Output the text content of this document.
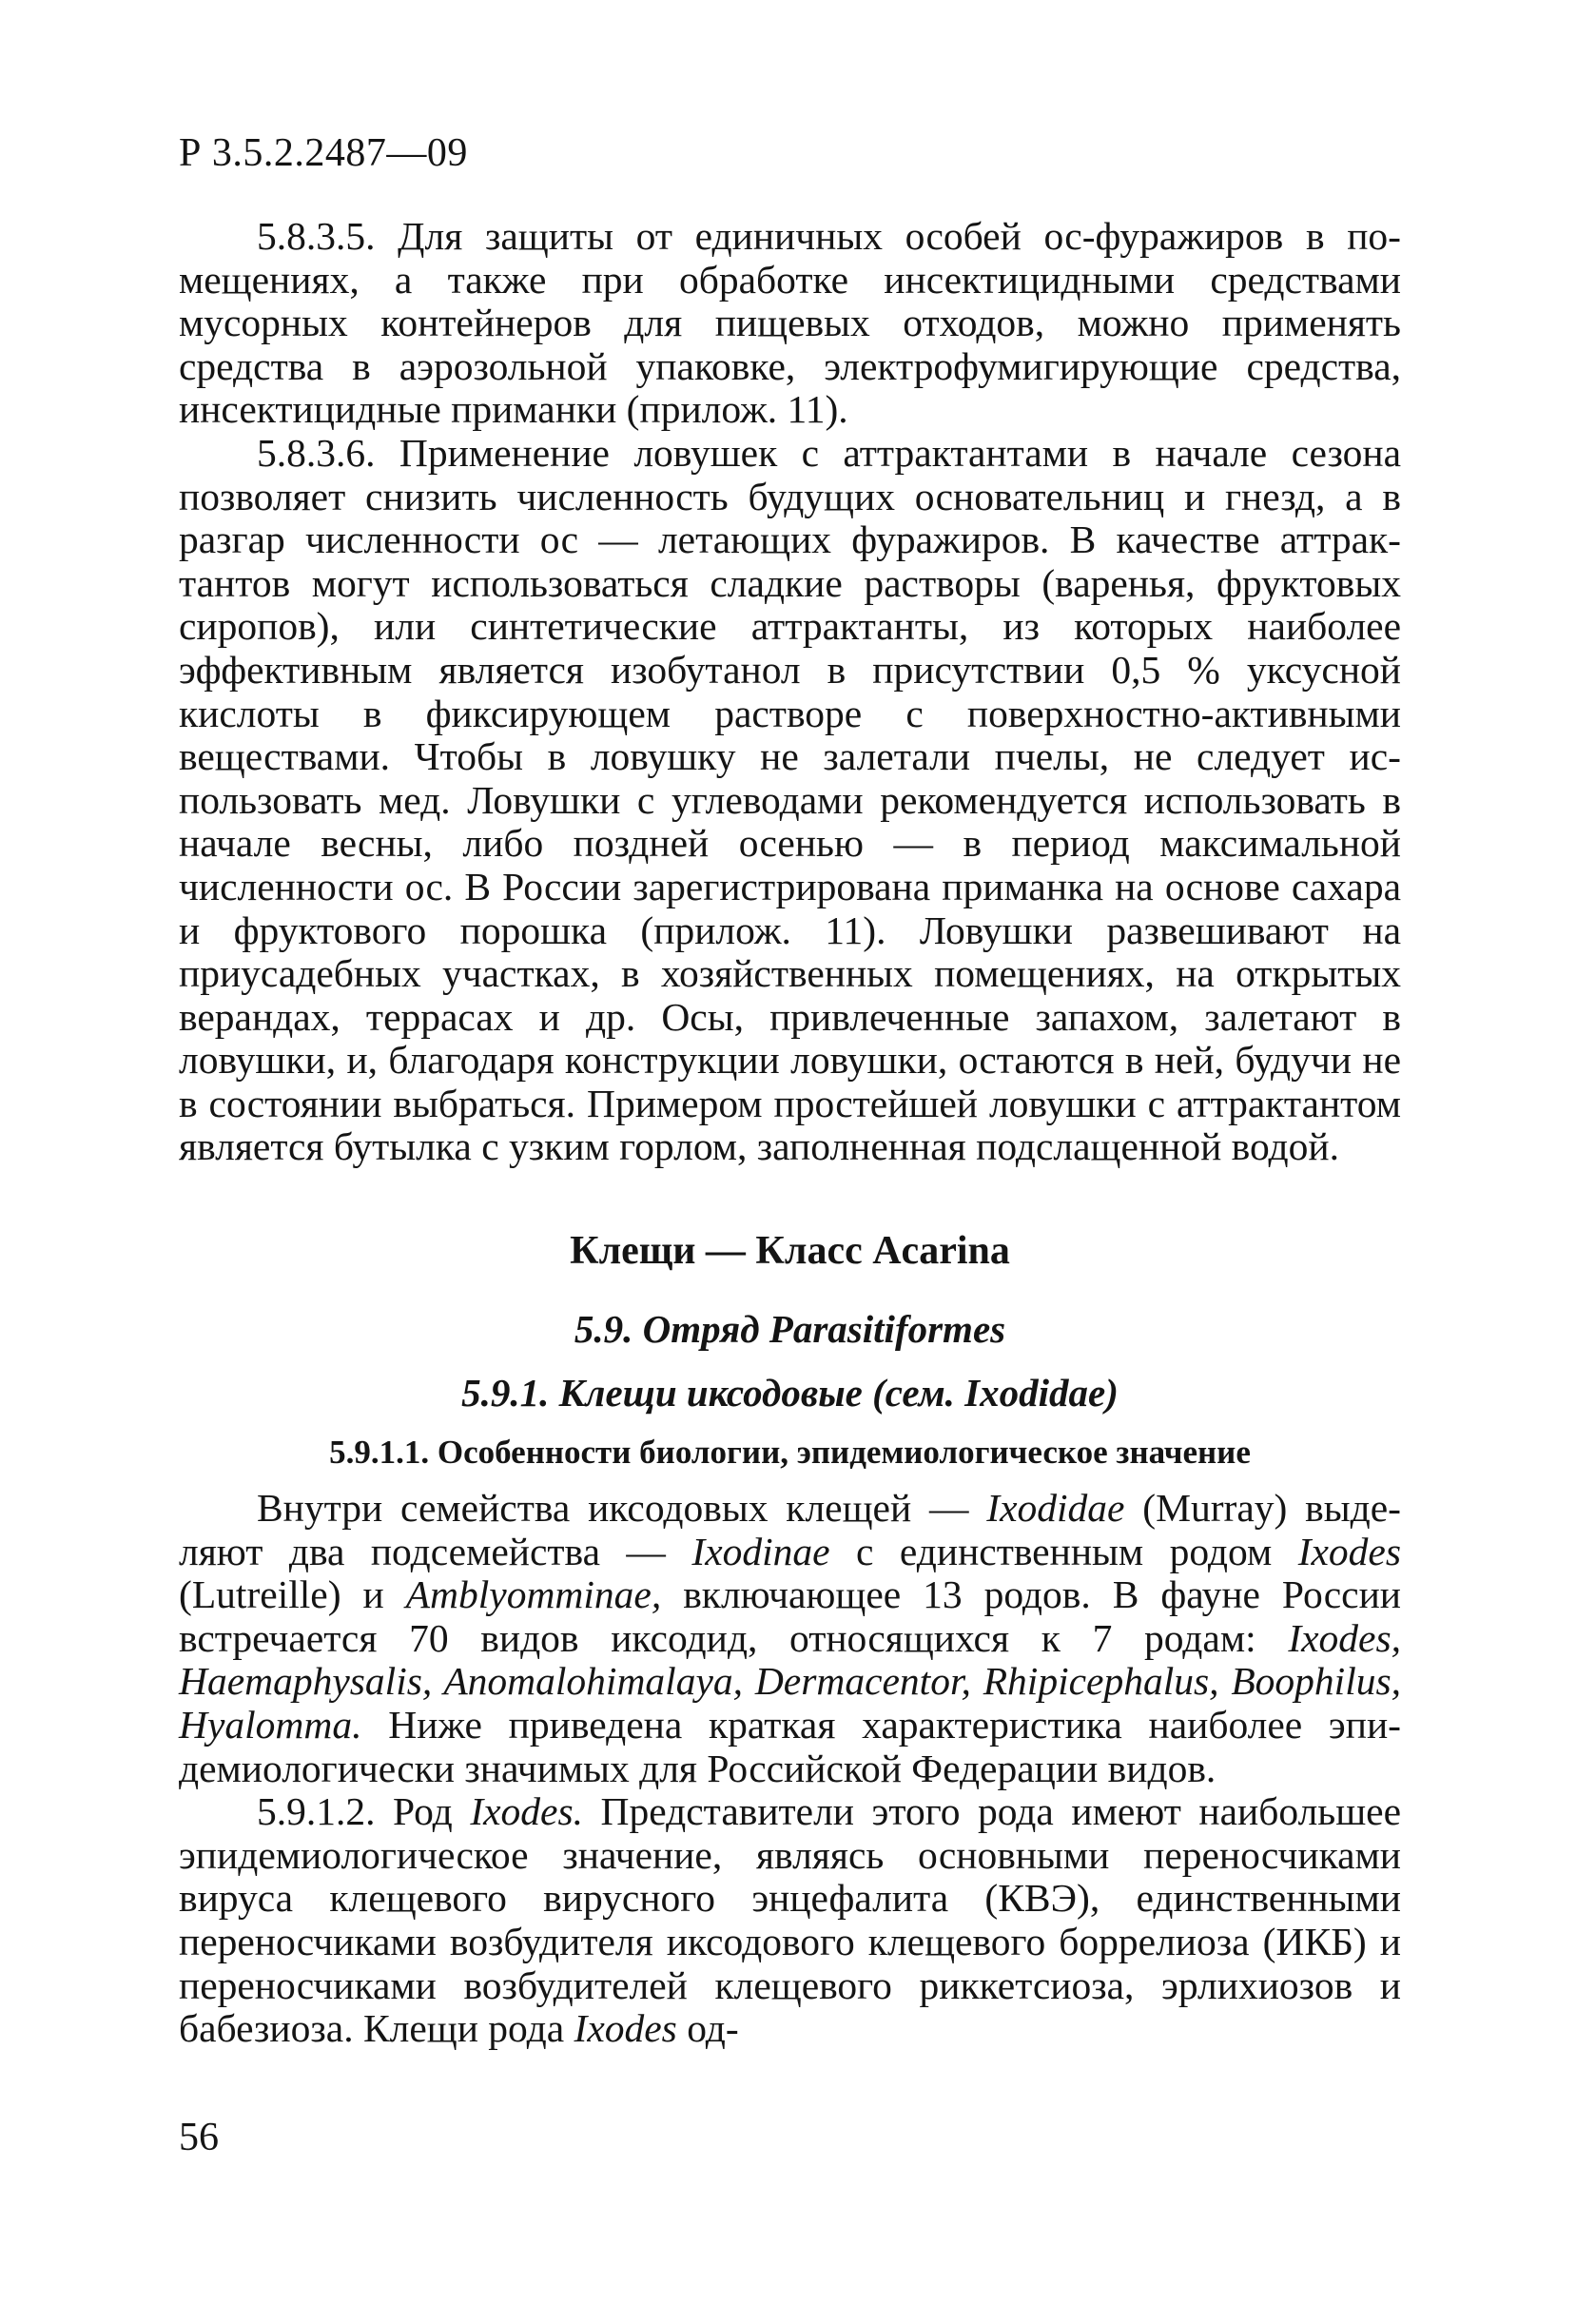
Р 3.5.2.2487—09

5.8.3.5. Для защиты от единичных особей ос-фуражиров в помещениях, а также при обработке инсектицидными средствами мусорных контейнеров для пищевых отходов, можно применять средства в аэрозольной упаковке, электрофумигирующие средства, инсектицидные приманки (прилож. 11).

5.8.3.6. Применение ловушек с аттрактантами в начале сезона позволяет снизить численность будущих основательниц и гнезд, а в разгар численности ос — летающих фуражиров. В качестве аттрактантов могут использоваться сладкие растворы (варенья, фруктовых сиропов), или синтетические аттрактанты, из которых наиболее эффективным является изобутанол в присутствии 0,5 % уксусной кислоты в фиксирующем растворе с поверхностно-активными веществами. Чтобы в ловушку не залетали пчелы, не следует использовать мед. Ловушки с углеводами рекомендуется использовать в начале весны, либо поздней осенью — в период максимальной численности ос. В России зарегистрирована приманка на основе сахара и фруктового порошка (прилож. 11). Ловушки развешивают на приусадебных участках, в хозяйственных помещениях, на открытых верандах, террасах и др. Осы, привлеченные запахом, залетают в ловушки, и, благодаря конструкции ловушки, остаются в ней, будучи не в состоянии выбраться. Примером простейшей ловушки с аттрактантом является бутылка с узким горлом, заполненная подслащенной водой.

Клещи — Класс Acarina
5.9. Отряд Parasitiformes
5.9.1. Клещи иксодовые (сем. Ixodidae)
5.9.1.1. Особенности биологии, эпидемиологическое значение

Внутри семейства иксодовых клещей — Ixodidae (Murray) выделяют два подсемейства — Ixodinae с единственным родом Ixodes (Lutreille) и Amblyomminae, включающее 13 родов. В фауне России встречается 70 видов иксодид, относящихся к 7 родам: Ixodes, Haemaphysalis, Anomalohimalaya, Dermacentor, Rhipicephalus, Boophilus, Hyalomma. Ниже приведена краткая характеристика наиболее эпидемиологически значимых для Российской Федерации видов.

5.9.1.2. Род Ixodes. Представители этого рода имеют наибольшее эпидемиологическое значение, являясь основными переносчиками вируса клещевого вирусного энцефалита (КВЭ), единственными переносчиками возбудителя иксодового клещевого боррелиоза (ИКБ) и переносчиками возбудителей клещевого риккетсиоза, эрлихиозов и бабезиоза. Клещи рода Ixodes од-

56
